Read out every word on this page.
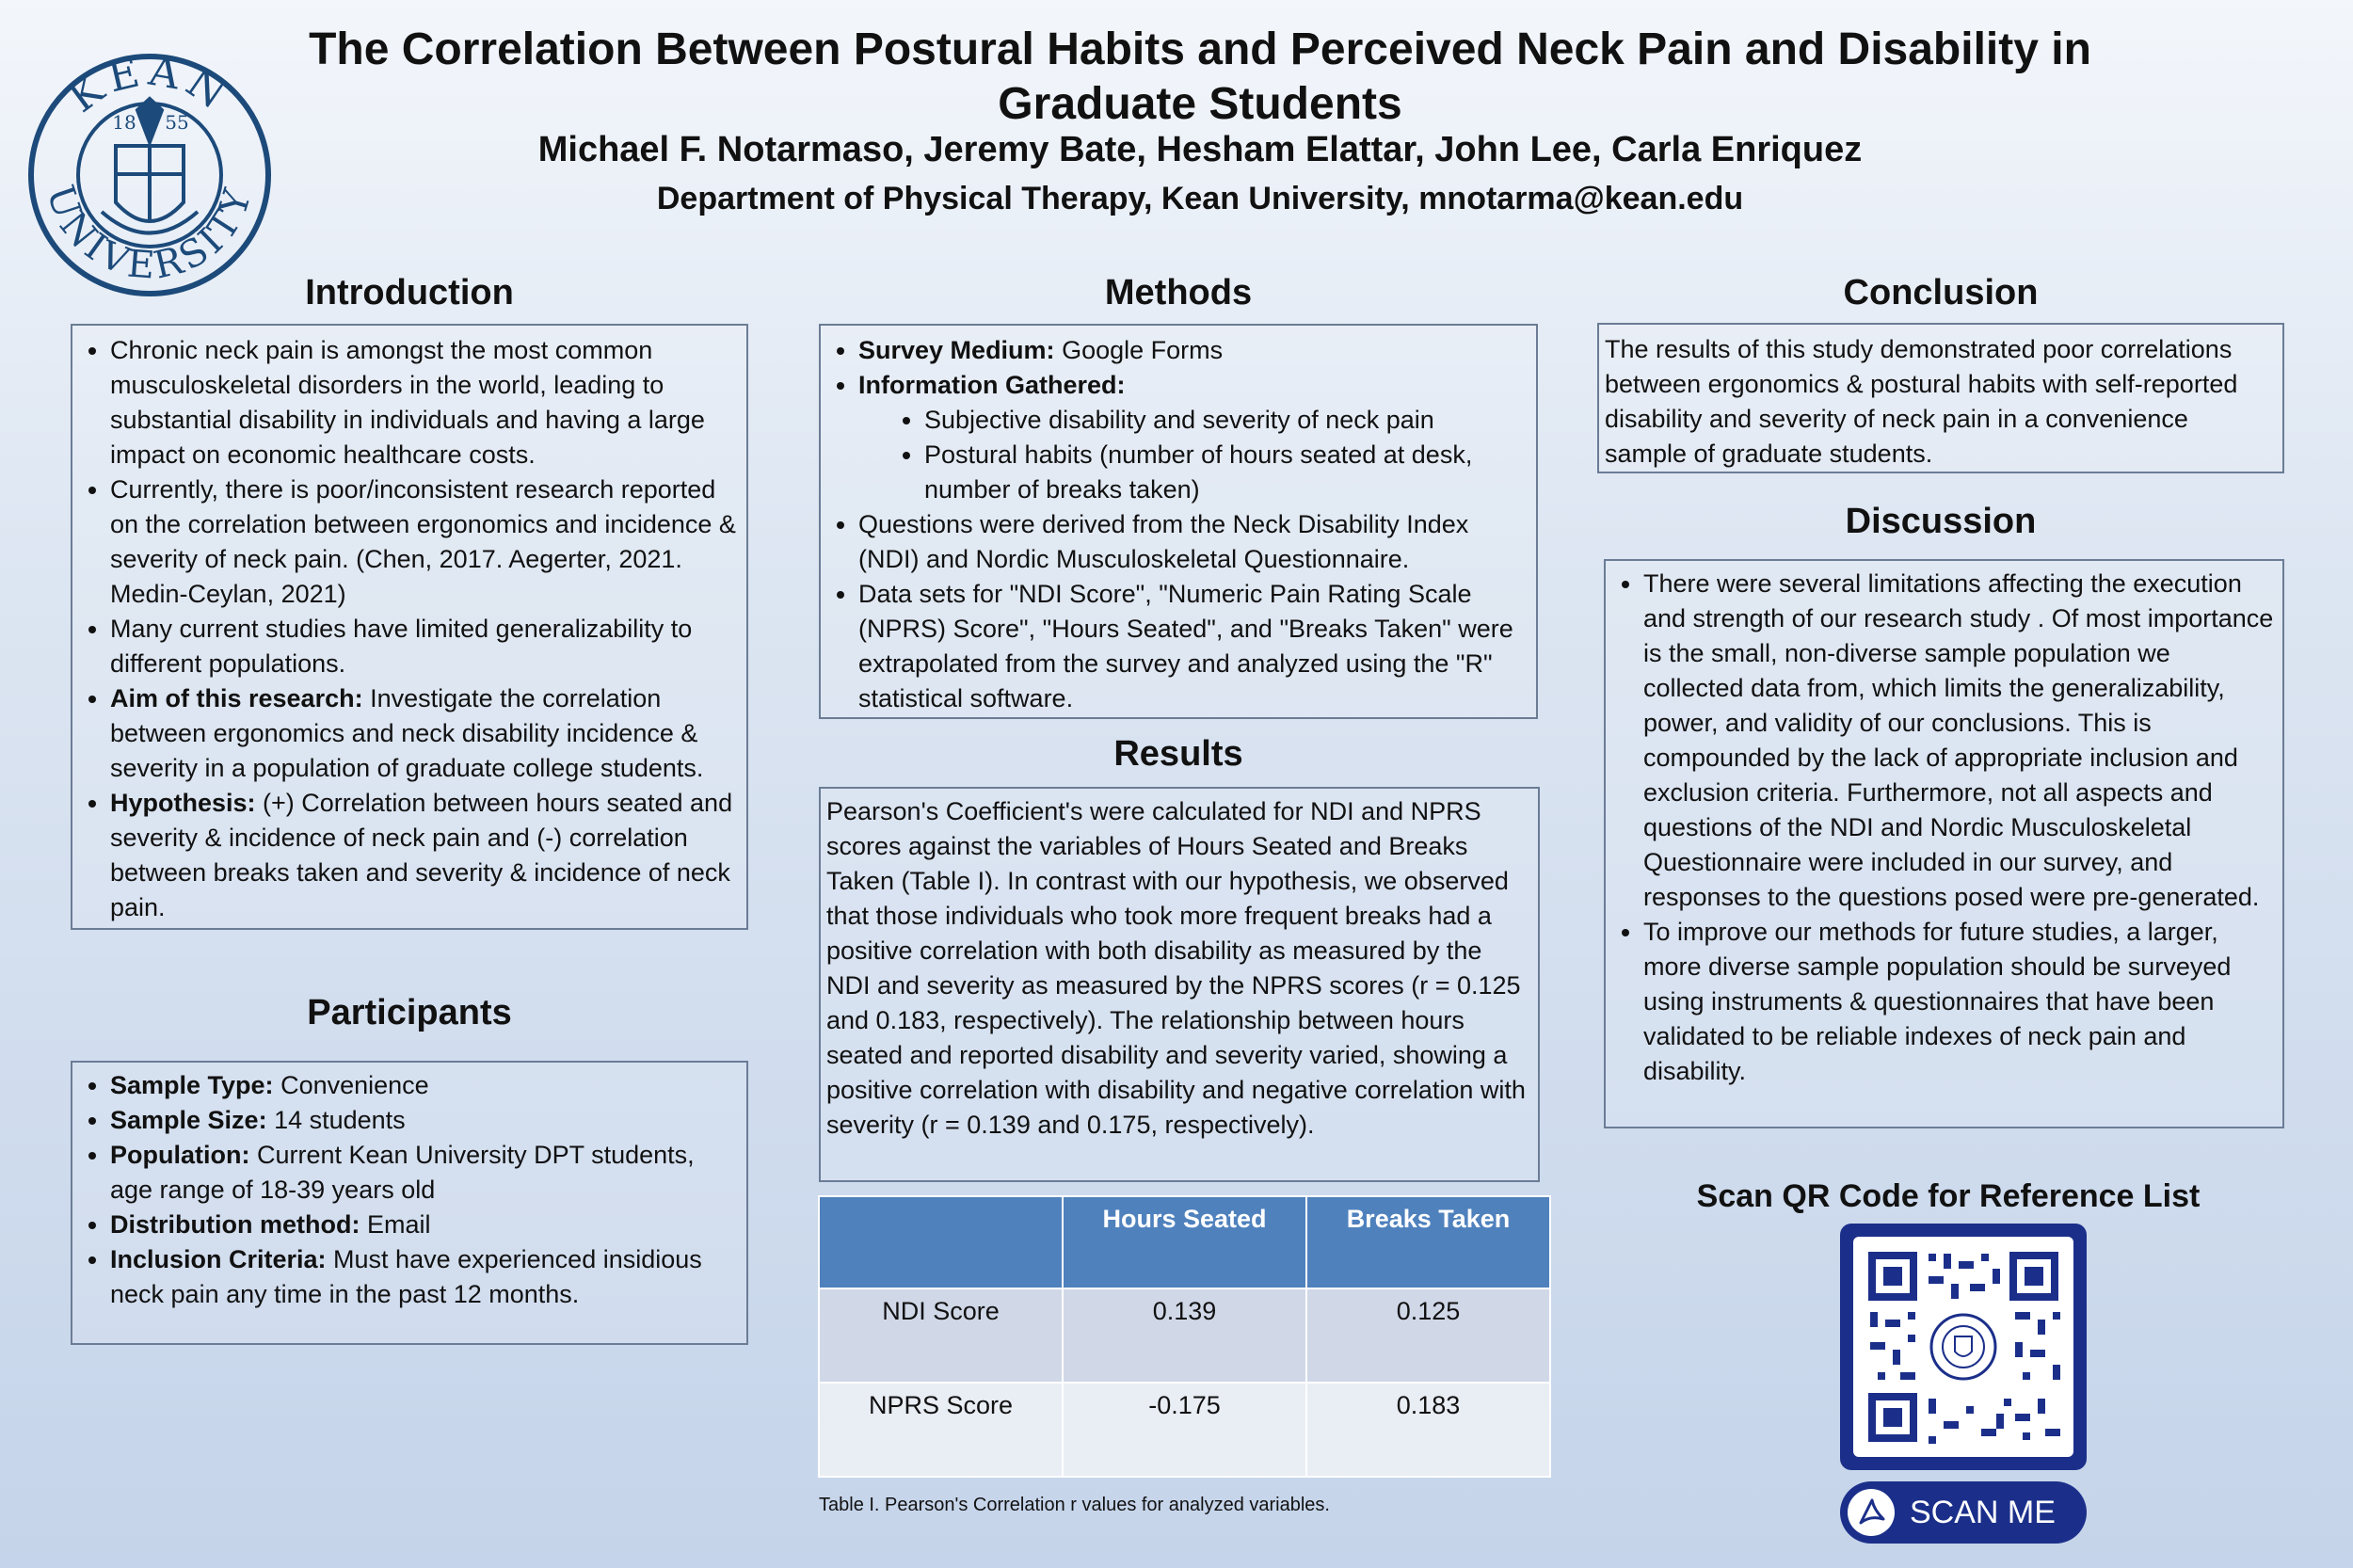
KEAN
UNIVERSITY
18 55
The Correlation Between Postural Habits and Perceived Neck Pain and Disability in Graduate Students
Michael F. Notarmaso, Jeremy Bate, Hesham Elattar, John Lee, Carla Enriquez
Department of Physical Therapy, Kean University, mnotarma@kean.edu
Introduction
• Chronic neck pain is amongst the most common musculoskeletal disorders in the world, leading to substantial disability in individuals and having a large impact on economic healthcare costs.
• Currently, there is poor/inconsistent research reported on the correlation between ergonomics and incidence & severity of neck pain. (Chen, 2017. Aegerter, 2021. Medin-Ceylan, 2021)
• Many current studies have limited generalizability to different populations.
• Aim of this research: Investigate the correlation between ergonomics and neck disability incidence & severity in a population of graduate college students.
• Hypothesis: (+) Correlation between hours seated and severity & incidence of neck pain and (-) correlation between breaks taken and severity & incidence of neck pain.
Participants
• Sample Type: Convenience
• Sample Size: 14 students
• Population: Current Kean University DPT students, age range of 18-39 years old
• Distribution method: Email
• Inclusion Criteria: Must have experienced insidious neck pain any time in the past 12 months.
Methods
• Survey Medium: Google Forms
• Information Gathered:
• Subjective disability and severity of neck pain
• Postural habits (number of hours seated at desk, number of breaks taken)
• Questions were derived from the Neck Disability Index (NDI) and Nordic Musculoskeletal Questionnaire.
• Data sets for "NDI Score", "Numeric Pain Rating Scale (NPRS) Score", "Hours Seated", and "Breaks Taken" were extrapolated from the survey and analyzed using the "R" statistical software.
Results

Pearson's Coefficient's were calculated for NDI and NPRS scores against the variables of Hours Seated and Breaks Taken (Table I). In contrast with our hypothesis, we observed that those individuals who took more frequent breaks had a positive correlation with both disability as measured by the NDI and severity as measured by the NPRS scores (r = 0.125 and 0.183, respectively). The relationship between hours seated and reported disability and severity varied, showing a positive correlation with disability and negative correlation with severity (r = 0.139 and 0.175, respectively).

	Hours Seated	Breaks Taken
NDI Score	0.139	0.125
NPRS Score	-0.175	0.183
Table I. Pearson's Correlation r values for analyzed variables.
Conclusion

The results of this study demonstrated poor correlations between ergonomics & postural habits with self-reported disability and severity of neck pain in a convenience sample of graduate students.

Discussion
• There were several limitations affecting the execution and strength of our research study . Of most importance is the small, non-diverse sample population we collected data from, which limits the generalizability, power, and validity of our conclusions. This is compounded by the lack of appropriate inclusion and exclusion criteria. Furthermore, not all aspects and questions of the NDI and Nordic Musculoskeletal Questionnaire were included in our survey, and responses to the questions posed were pre-generated.
• To improve our methods for future studies, a larger, more diverse sample population should be surveyed using instruments & questionnaires that have been validated to be reliable indexes of neck pain and disability.
Scan QR Code for Reference List
SCAN ME
